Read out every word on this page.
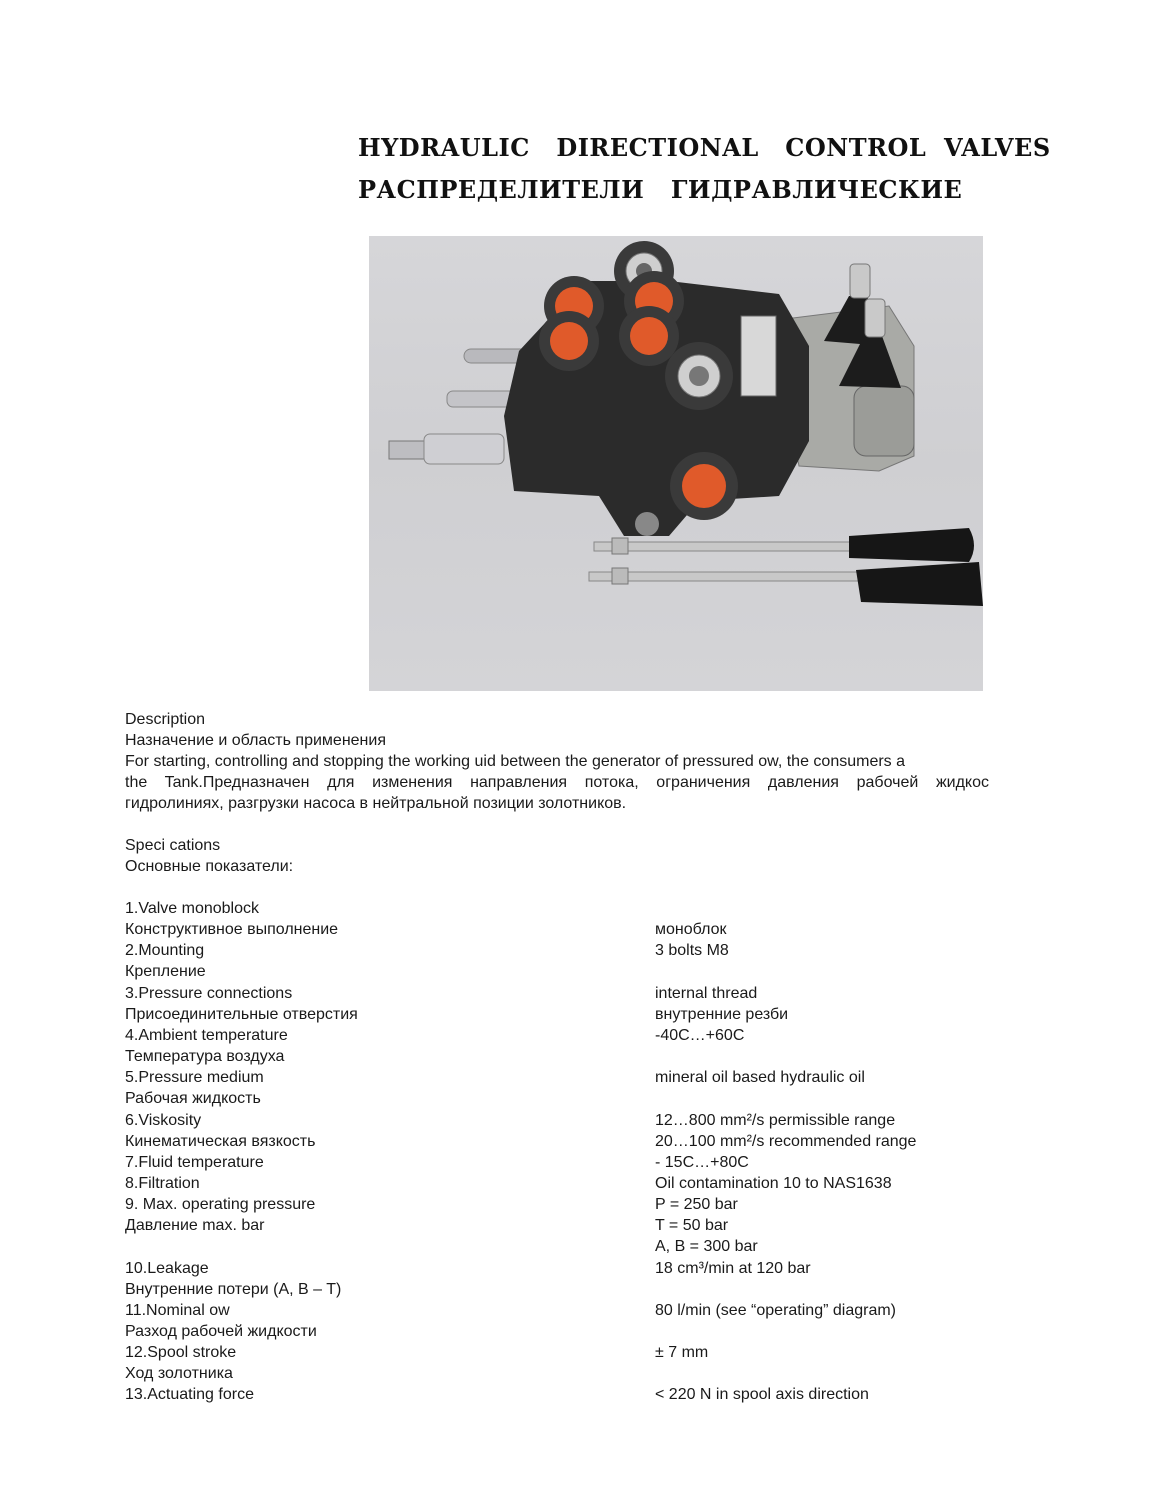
HYDRAULIC   DIRECTIONAL   CONTROL  VALVES
РАСПРЕДЕЛИТЕЛИ   ГИДРАВЛИЧЕСКИЕ
Description
Назначение и область применения
For starting, controlling and stopping the working uid between the generator of pressured ow, the consumers a
the Tank.Предназначен для изменения направления потока, ограничения давления рабочей жидкос
гидролиниях, разгрузки насоса в нейтральной позиции золотников.
Speci cations
Основные показатели:
1.Valve monoblock
Конструктивное выполнение
2.Mounting
Крепление
3.Pressure connections
Присоединительные отверстия
4.Ambient temperature
Температура воздуха
5.Pressure medium
Рабочая жидкость
6.Viskosity
Кинематическая вязкость
7.Fluid temperature
8.Filtration
9. Max. operating pressure
Давление max. bar
10.Leakage
Внутренние потери (A, B – T)
11.Nominal ow
Разход рабочей жидкости
12.Spool stroke
Ход золотника
13.Actuating force
моноблок
3 bolts M8
internal thread
внутренние резби
-40C…+60C
mineral oil based hydraulic oil
12…800 mm²/s permissible range
20…100 mm²/s recommended range
- 15C…+80C
Oil contamination 10 to NAS1638
P = 250 bar
T = 50 bar
A, B = 300 bar
18 cm³/min at 120 bar
80 l/min (see “operating” diagram)
± 7 mm
< 220 N in spool axis direction
